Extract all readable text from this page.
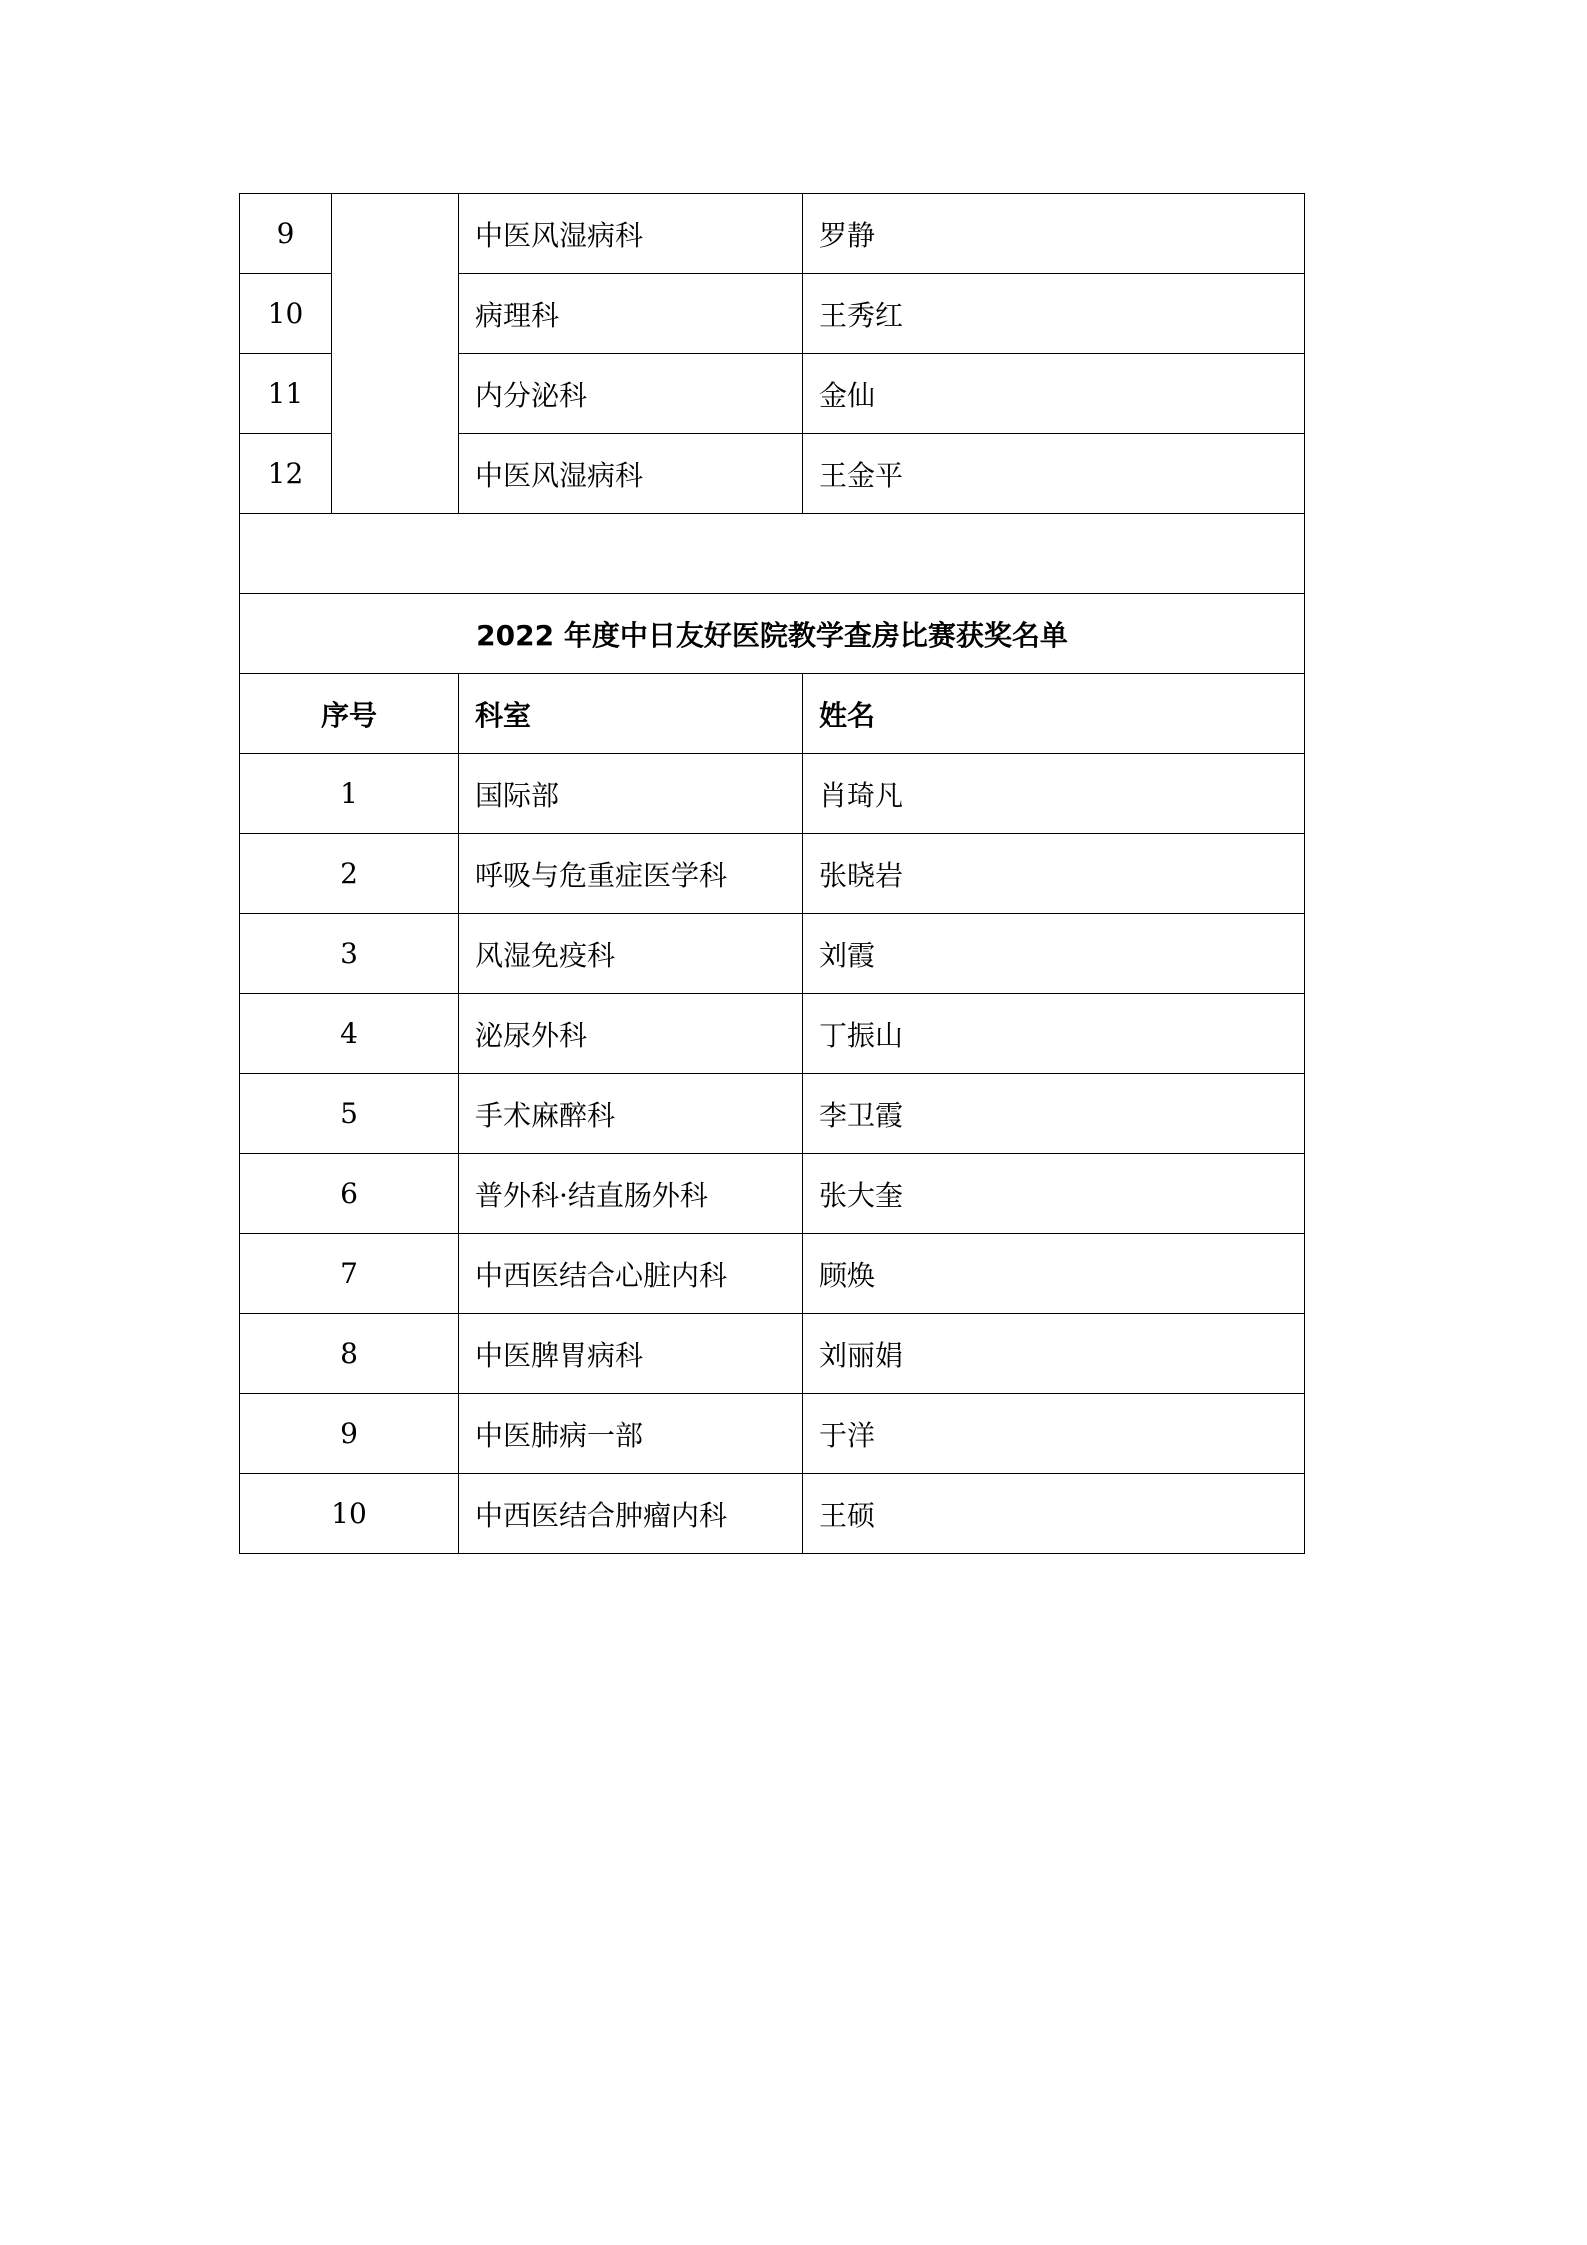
9		中医风湿病科	罗静
10		病理科	王秀红
11		内分泌科	金仙
12		中医风湿病科	王金平

2022 年度中日友好医院教学查房比赛获奖名单			
序号		科室	姓名
1		国际部	肖琦凡
2		呼吸与危重症医学科	张晓岩
3		风湿免疫科	刘霞
4		泌尿外科	丁振山
5		手术麻醉科	李卫霞
6		普外科·结直肠外科	张大奎
7		中西医结合心脏内科	顾焕
8		中医脾胃病科	刘丽娟
9		中医肺病一部	于洋
10		中西医结合肿瘤内科	王硕
